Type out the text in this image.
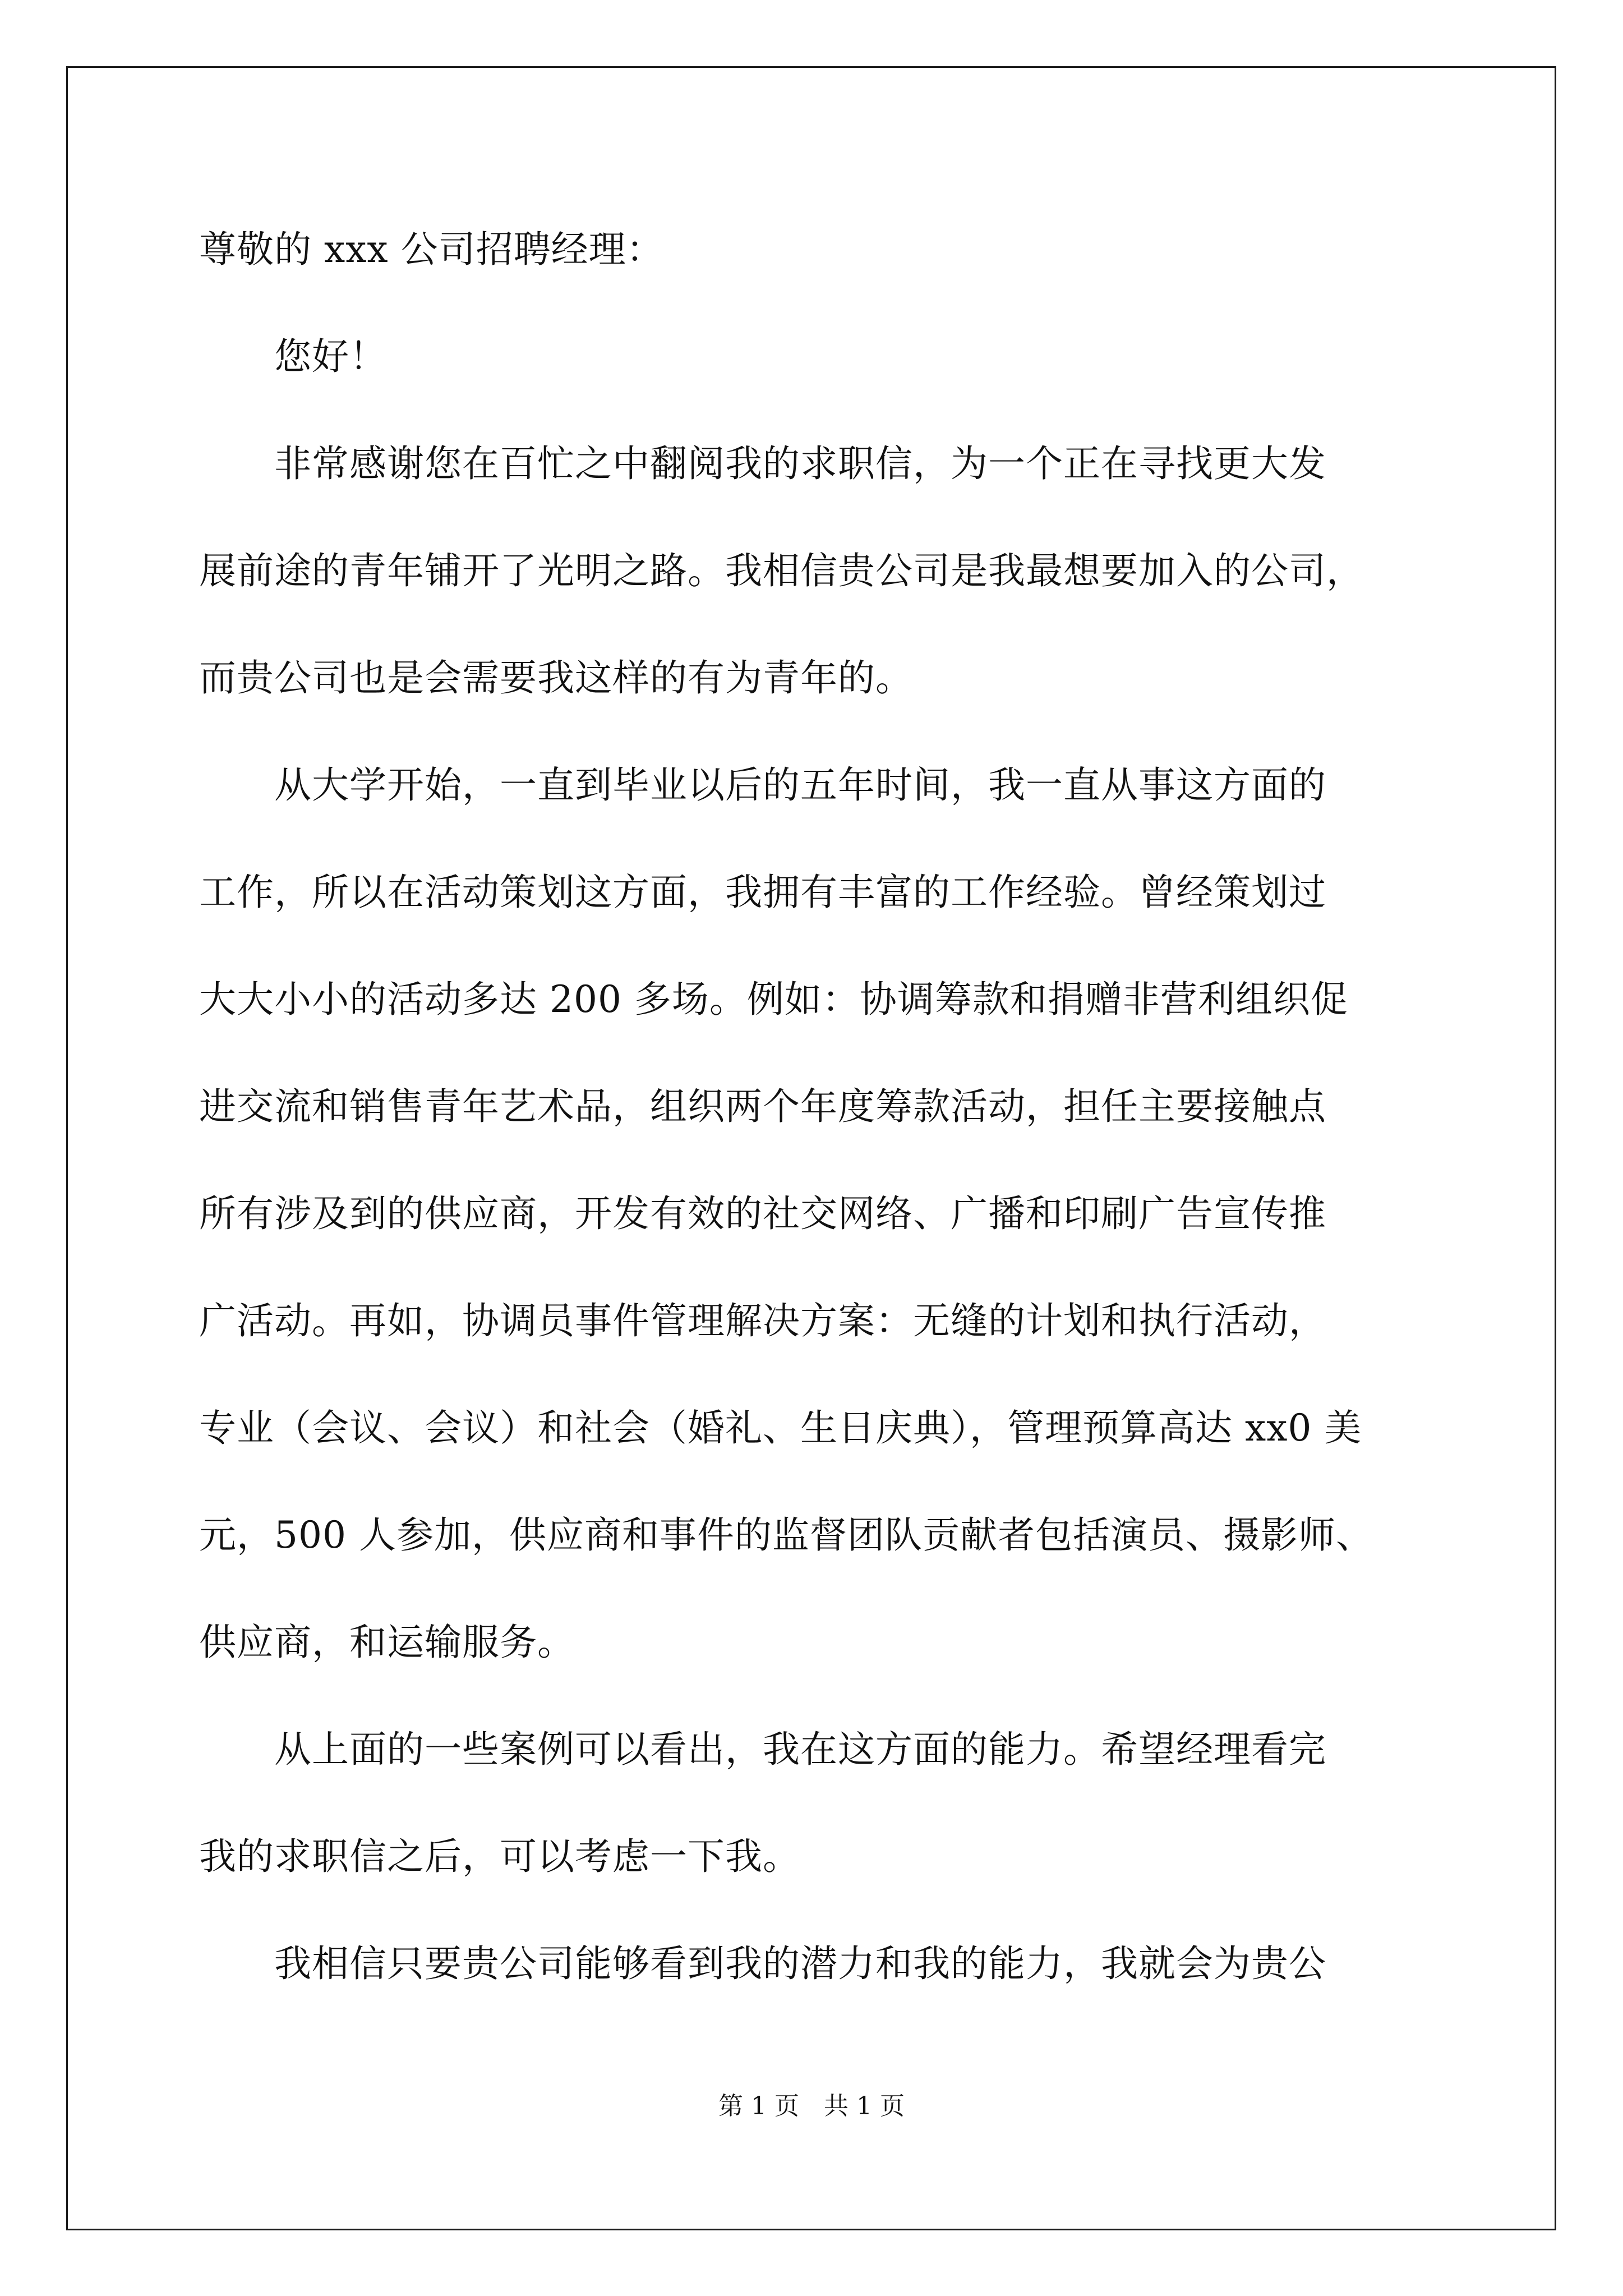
尊敬的 xxx 公司招聘经理：
　　您好！
　　非常感谢您在百忙之中翻阅我的求职信，为一个正在寻找更大发
展前途的青年铺开了光明之路。我相信贵公司是我最想要加入的公司，
而贵公司也是会需要我这样的有为青年的。
　　从大学开始，一直到毕业以后的五年时间，我一直从事这方面的
工作，所以在活动策划这方面，我拥有丰富的工作经验。曾经策划过
大大小小的活动多达 200 多场。例如：协调筹款和捐赠非营利组织促
进交流和销售青年艺术品，组织两个年度筹款活动，担任主要接触点
所有涉及到的供应商，开发有效的社交网络、广播和印刷广告宣传推
广活动。再如，协调员事件管理解决方案：无缝的计划和执行活动，
专业（会议、会议）和社会（婚礼、生日庆典），管理预算高达 xx0 美
元，500 人参加，供应商和事件的监督团队贡献者包括演员、摄影师、
供应商，和运输服务。
　　从上面的一些案例可以看出，我在这方面的能力。希望经理看完
我的求职信之后，可以考虑一下我。
　　我相信只要贵公司能够看到我的潜力和我的能力，我就会为贵公
第 1 页　共 1 页
